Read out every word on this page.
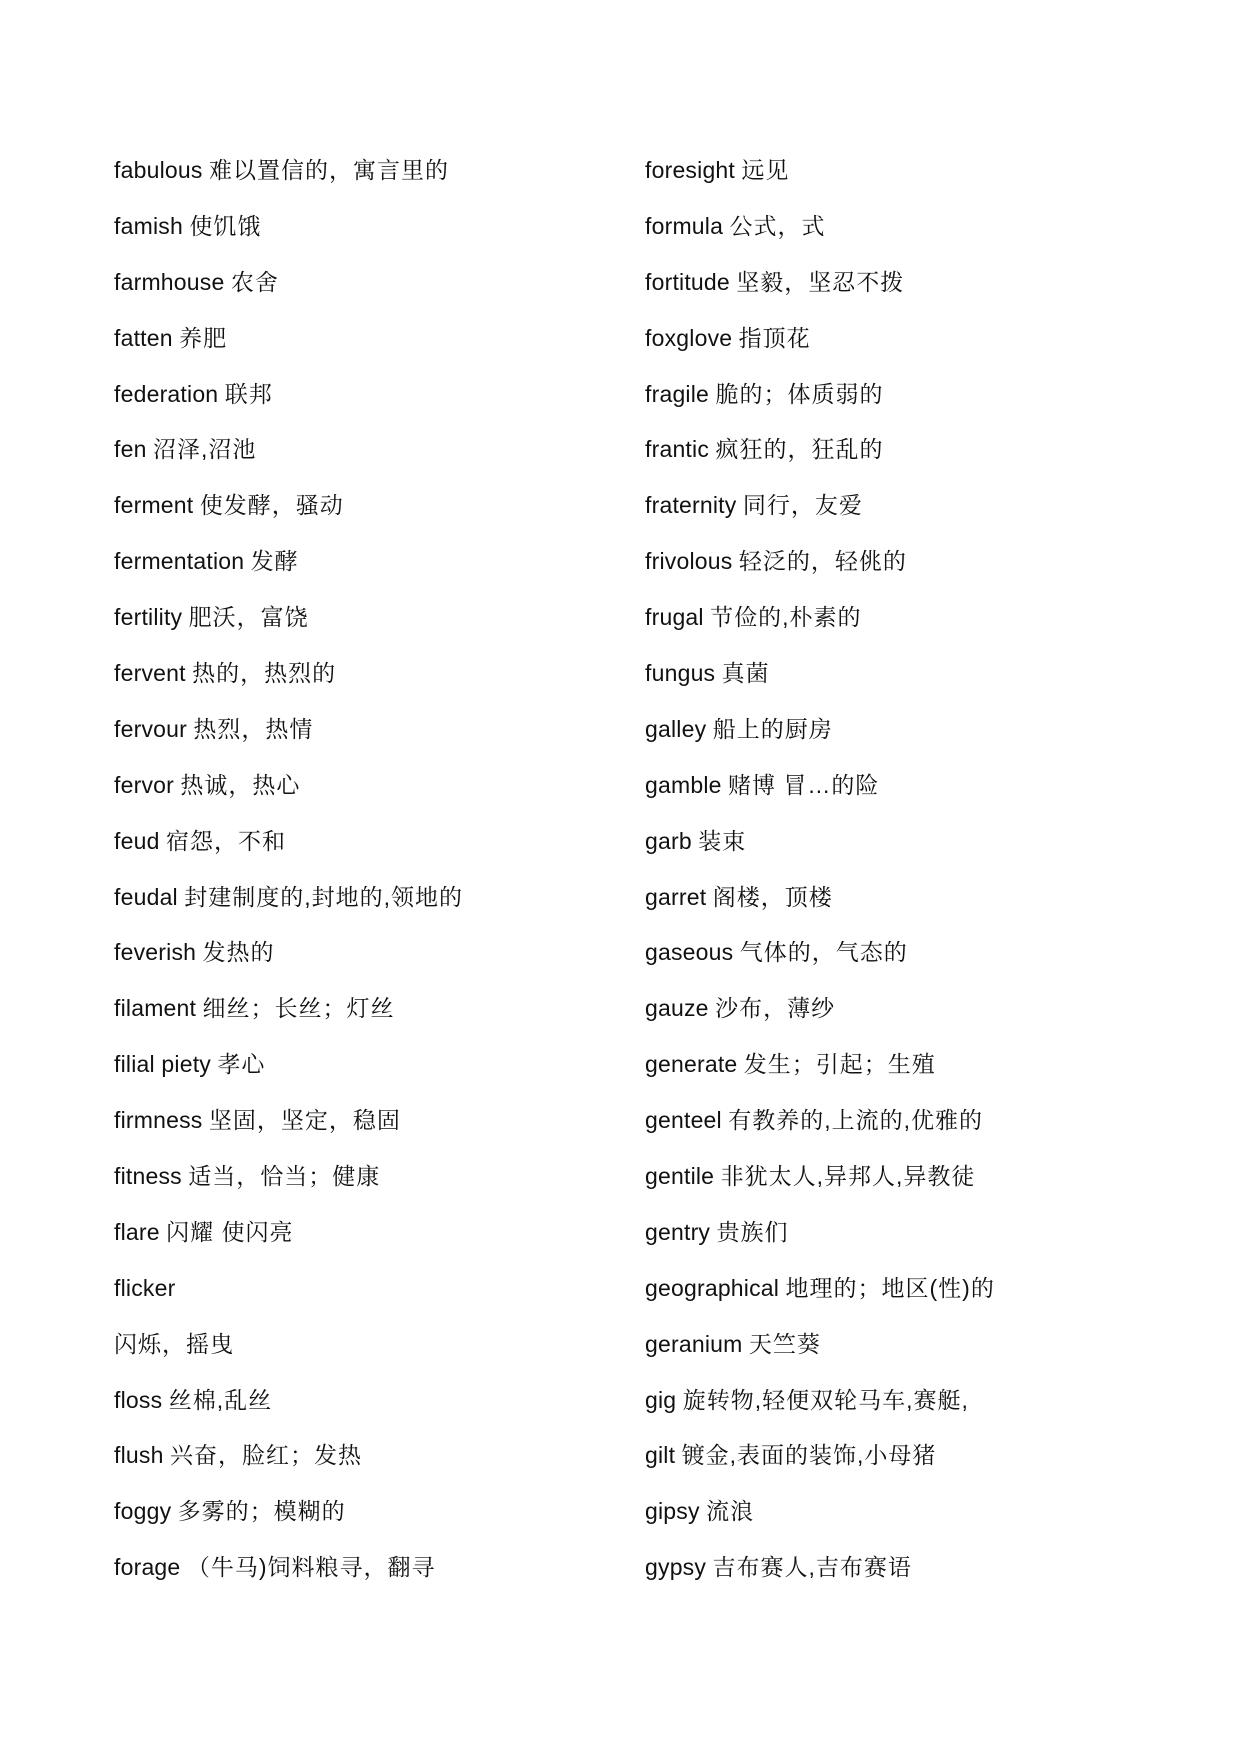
fabulous 难以置信的，寓言里的
famish 使饥饿
farmhouse 农舍
fatten 养肥
federation 联邦
fen 沼泽,沼池
ferment 使发酵，骚动
fermentation 发酵
fertility 肥沃，富饶
fervent 热的，热烈的
fervour 热烈，热情
fervor 热诚，热心
feud 宿怨，不和
feudal 封建制度的,封地的,领地的
feverish 发热的
filament 细丝；长丝；灯丝
filial piety 孝心
firmness 坚固，坚定，稳固
fitness 适当，恰当；健康
flare 闪耀 使闪亮
flicker
闪烁，摇曳
floss 丝棉,乱丝
flush 兴奋，脸红；发热
foggy 多雾的；模糊的
forage （牛马)饲料粮寻，翻寻
foresight 远见
formula 公式，式
fortitude 坚毅，坚忍不拨
foxglove 指顶花
fragile 脆的；体质弱的
frantic 疯狂的，狂乱的
fraternity 同行，友爱
frivolous 轻泛的，轻佻的
frugal 节俭的,朴素的
fungus 真菌
galley 船上的厨房
gamble 赌博 冒…的险
garb 装束
garret 阁楼，顶楼
gaseous 气体的，气态的
gauze 沙布，薄纱
generate 发生；引起；生殖
genteel 有教养的,上流的,优雅的
gentile 非犹太人,异邦人,异教徒
gentry 贵族们
geographical 地理的；地区(性)的
geranium 天竺葵
gig 旋转物,轻便双轮马车,赛艇,
gilt 镀金,表面的装饰,小母猪
gipsy 流浪
gypsy 吉布赛人,吉布赛语
